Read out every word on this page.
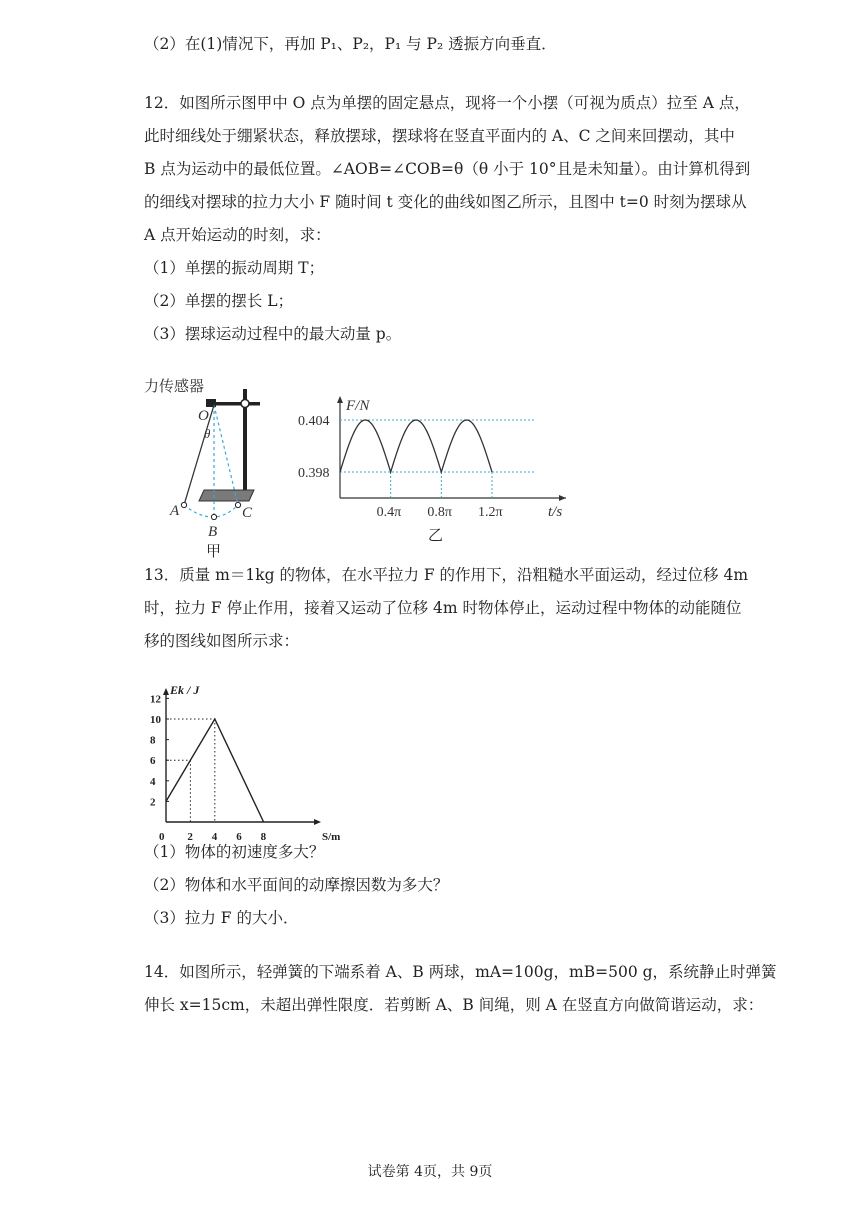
（2）在(1)情况下，再加 P₁、P₂，P₁ 与 P₂ 透振方向垂直．
12．如图所示图甲中 O 点为单摆的固定悬点，现将一个小摆（可视为质点）拉至 A 点，
此时细线处于绷紧状态，释放摆球，摆球将在竖直平面内的 A、C 之间来回摆动，其中
B 点为运动中的最低位置。∠AOB=∠COB=θ（θ 小于 10°且是未知量）。由计算机得到
的细线对摆球的拉力大小 F 随时间 t 变化的曲线如图乙所示，且图中 t=0 时刻为摆球从
A 点开始运动的时刻，求：
（1）单摆的振动周期 T；
（2）单摆的摆长 L；
（3）摆球运动过程中的最大动量 p。
13．质量 m＝1kg 的物体，在水平拉力 F 的作用下，沿粗糙水平面运动，经过位移 4m
时，拉力 F 停止作用，接着又运动了位移 4m 时物体停止，运动过程中物体的动能随位
移的图线如图所示求：
（1）物体的初速度多大？
（2）物体和水平面间的动摩擦因数为多大？
（3）拉力 F 的大小．
14．如图所示，轻弹簧的下端系着 A、B 两球，mA=100g，mB=500 g，系统静止时弹簧
伸长 x=15cm，未超出弹性限度．若剪断 A、B 间绳，则 A 在竖直方向做简谐运动，求：
力传感器
O
θ
A
B
C
甲
F/N
0.404
0.398
0.4π 0.8π 1.2π	t/s
乙
2
4
6
8
10
12
0 2 4 6 8
Ek / J
S/m
试卷第 4页，共 9页
